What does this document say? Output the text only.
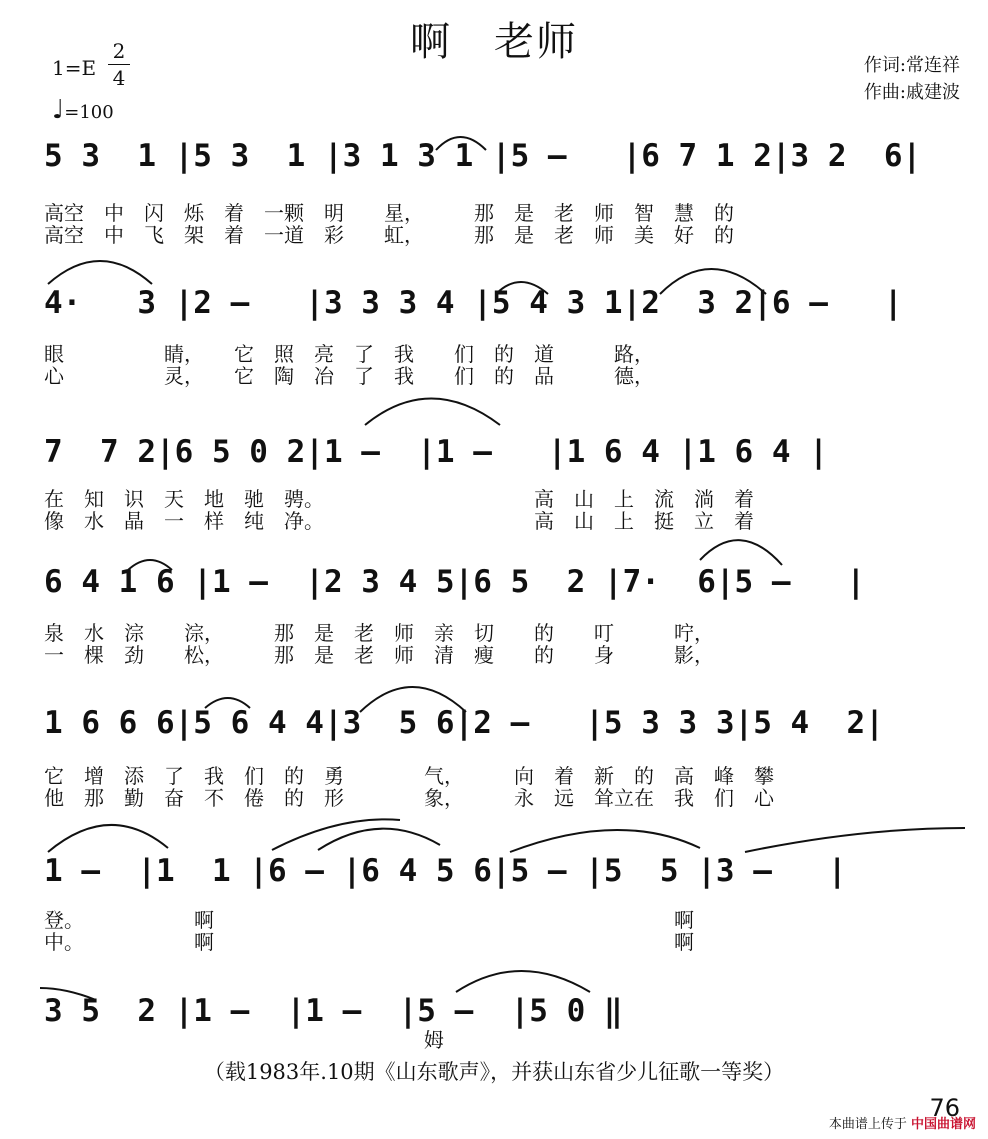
啊　老师
$1=E \frac{2}{4}$
♩=100
作词:常连祥
作曲:戚建波
5 3  1 |5 3  1 |3 1 3 1 |5 –   |6 7 1 2|3 2  6|
高空　中　闪　烁　着　一颗　明　　星，　　　那　是　老　师　智　慧　的
高空　中　飞　架　着　一道　彩　　虹，　　　那　是　老　师　美　好　的
4·   3 |2 –   |3 3 3 4 |5 4 3 1|2  3 2|6 –   |
眼　　　　　睛，　　它　照　亮　了　我　　们　的　道　　　路，
心　　　　　灵，　　它　陶　冶　了　我　　们　的　品　　　德，
7  7 2|6 5 0 2|1 –  |1 –   |1 6 4 |1 6 4 |
在　知　识　天　地　驰　骋。　　　　　　　　　　　高　山　上　流　淌　着
像　水　晶　一　样　纯　净。　　　　　　　　　　　高　山　上　挺　立　着
6 4 1 6 |1 –  |2 3 4 5|6 5  2 |7·  6|5 –   |
泉　水　淙　　淙，　　　那　是　老　师　亲　切　　的　　叮　　　咛，
一　棵　劲　　松，　　　那　是　老　师　清　瘦　　的　　身　　　影，
1 6 6 6|5 6 4 4|3  5 6|2 –   |5 3 3 3|5 4  2|
它　增　添　了　我　们　的　勇　　　　气，　　　向　着　新　的　高　峰　攀
他　那　勤　奋　不　倦　的　形　　　　象，　　　永　远　耸立在　我　们　心
1 –  |1  1 |6 – |6 4 5 6|5 – |5  5 |3 –   |
登。　　　　　　啊　　　　　　　　　　　　　　　　　　　　　　　啊
中。　　　　　　啊　　　　　　　　　　　　　　　　　　　　　　　啊
3 5  2 |1 –  |1 –  |5 –  |5 0 ‖
　　　　　　　　　　　　　　　　　　　姆
（载1983年.10期《山东歌声》，并获山东省少儿征歌一等奖）
76
本曲谱上传于 中国曲谱网
